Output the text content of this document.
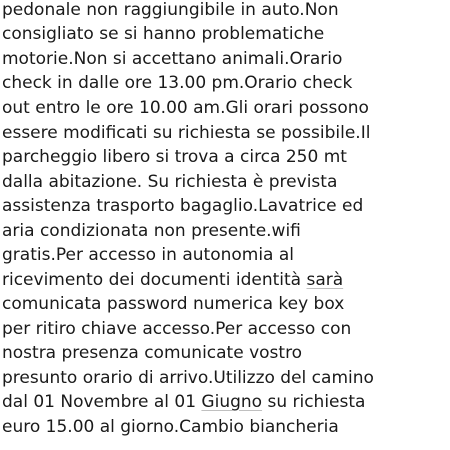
pedonale non raggiungibile in auto.Non
consigliato se si hanno problematiche
motorie.Non si accettano animali.Orario
check in dalle ore 13.00 pm.Orario check
out entro le ore 10.00 am.Gli orari possono
essere modificati su richiesta se possibile.Il
parcheggio libero si trova a circa 250 mt
dalla abitazione. Su richiesta è prevista
assistenza trasporto bagaglio.Lavatrice ed
aria condizionata non presente.wifi
gratis.Per accesso in autonomia al
ricevimento dei documenti identità sarà
comunicata password numerica key box
per ritiro chiave accesso.Per accesso con
nostra presenza comunicate vostro
presunto orario di arrivo.Utilizzo del camino
dal 01 Novembre al 01 Giugno su richiesta
euro 15.00 al giorno.Cambio biancheria
